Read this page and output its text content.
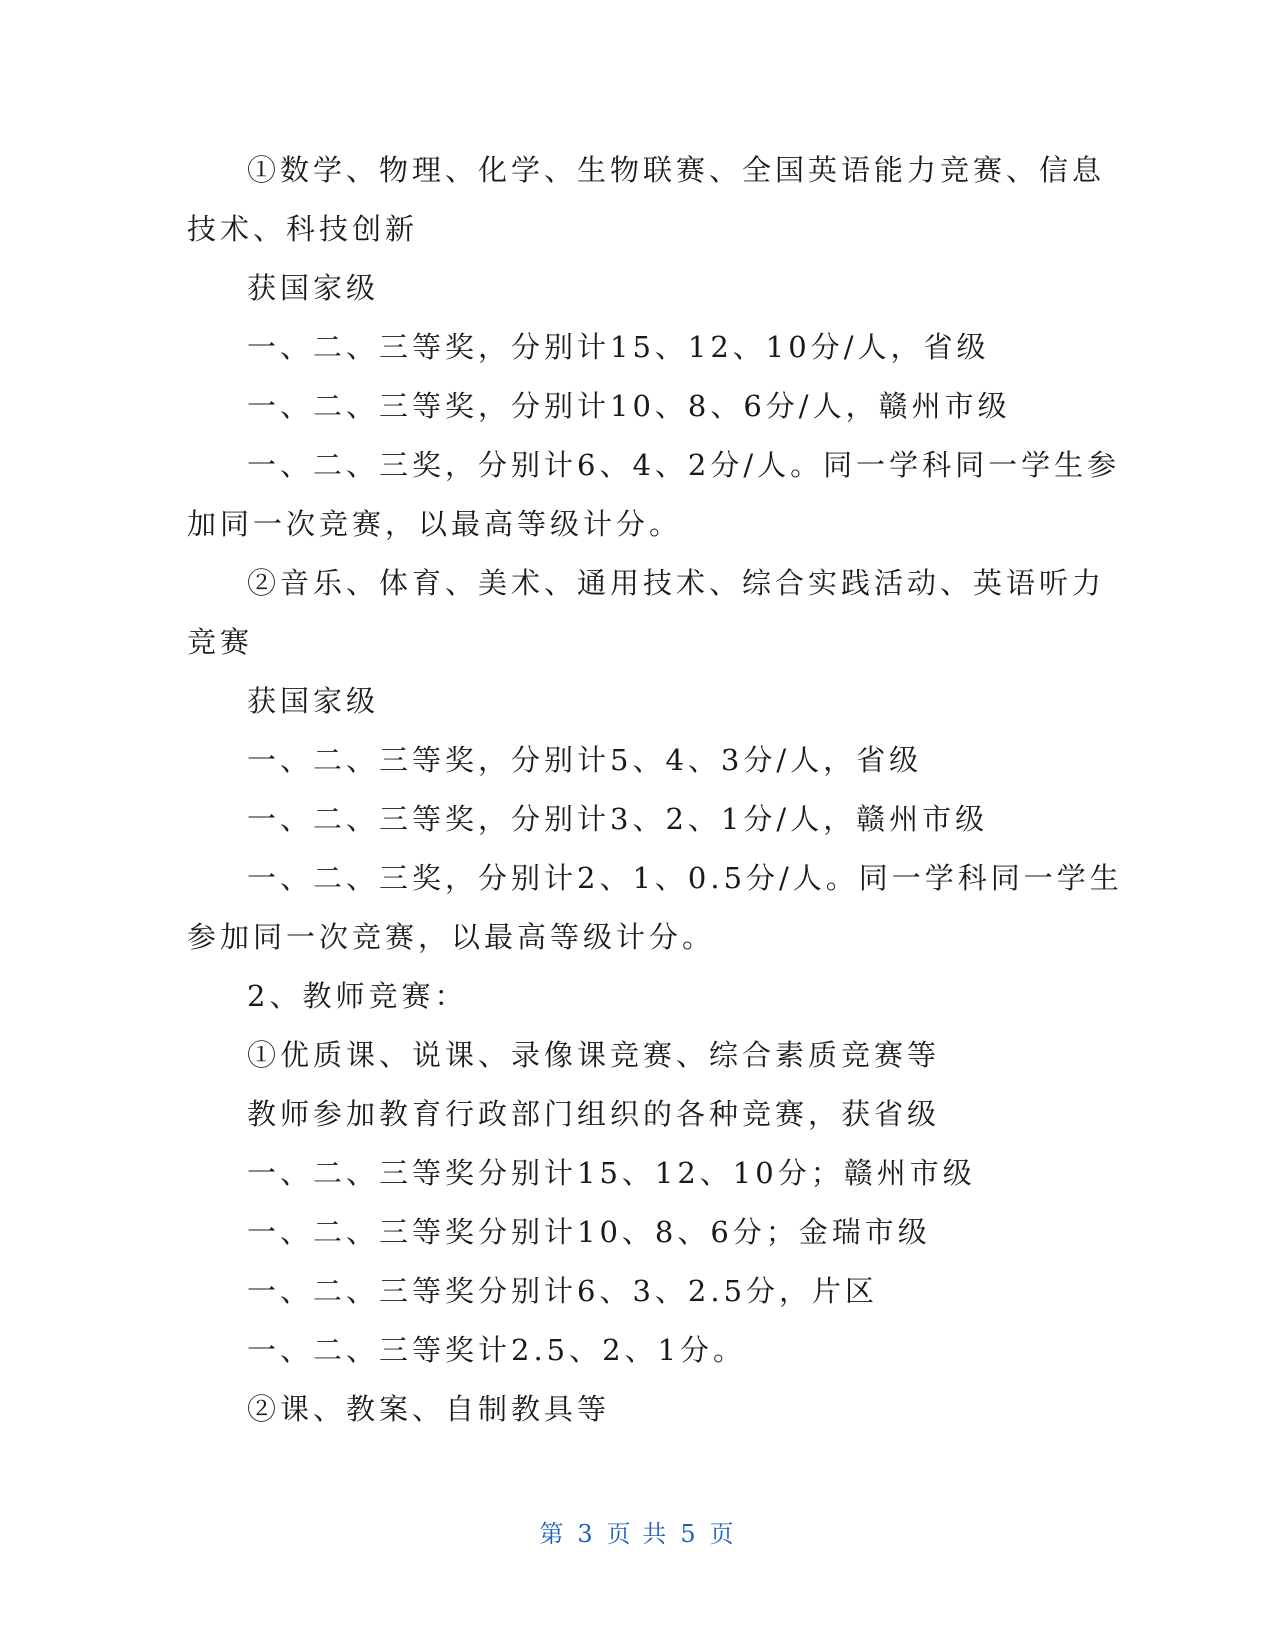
①数学、物理、化学、生物联赛、全国英语能力竞赛、信息
技术、科技创新
获国家级
一、二、三等奖，分别计15、12、10分/人，省级
一、二、三等奖，分别计10、8、6分/人，赣州市级
一、二、三奖，分别计6、4、2分/人。同一学科同一学生参
加同一次竞赛，以最高等级计分。
②音乐、体育、美术、通用技术、综合实践活动、英语听力
竞赛
获国家级
一、二、三等奖，分别计5、4、3分/人，省级
一、二、三等奖，分别计3、2、1分/人，赣州市级
一、二、三奖，分别计2、1、0.5分/人。同一学科同一学生
参加同一次竞赛，以最高等级计分。
2、教师竞赛：
①优质课、说课、录像课竞赛、综合素质竞赛等
教师参加教育行政部门组织的各种竞赛，获省级
一、二、三等奖分别计15、12、10分；赣州市级
一、二、三等奖分别计10、8、6分；金瑞市级
一、二、三等奖分别计6、3、2.5分，片区
一、二、三等奖计2.5、2、1分。
②课、教案、自制教具等
第 3 页 共 5 页
